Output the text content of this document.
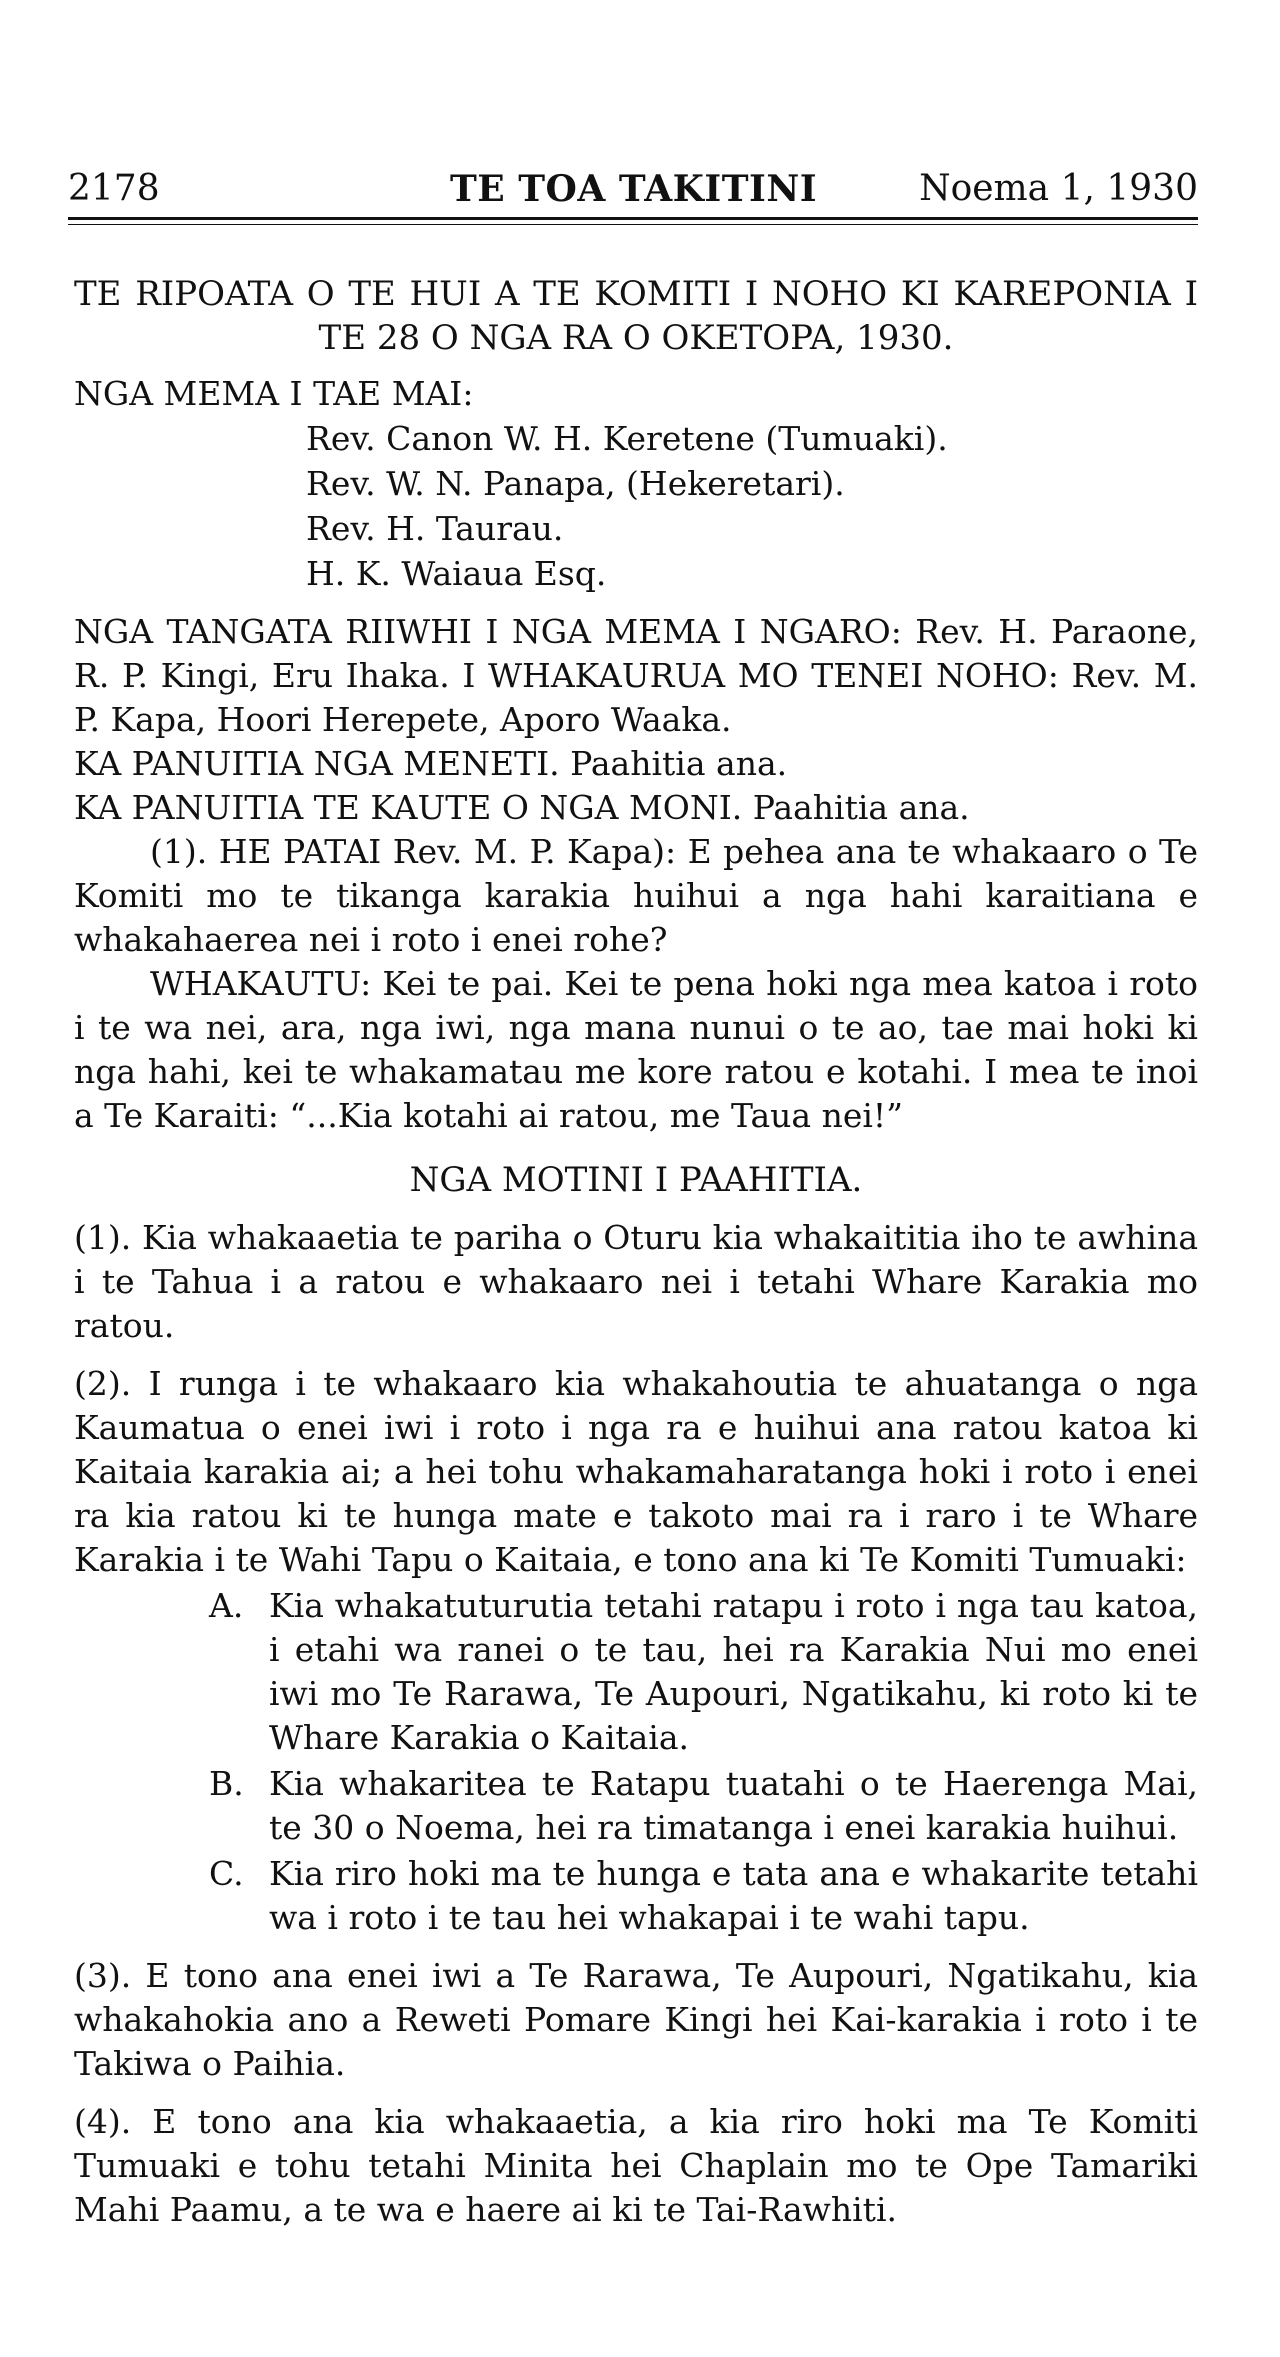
2178	TE TOA TAKITINI	Noema 1, 1930

TE RIPOATA O TE HUI A TE KOMITI I NOHO KI KAREPONIA I TE 28 O NGA RA O OKETOPA, 1930.

NGA MEMA I TAE MAI:

Rev. Canon W. H. Keretene (Tumuaki).
Rev. W. N. Panapa, (Hekeretari).
Rev. H. Taurau.
H. K. Waiaua Esq.

NGA TANGATA RIIWHI I NGA MEMA I NGARO: Rev. H. Paraone, R. P. Kingi, Eru Ihaka. I WHAKAURUA MO TENEI NOHO: Rev. M. P. Kapa, Hoori Herepete, Aporo Waaka.

KA PANUITIA NGA MENETI. Paahitia ana.

KA PANUITIA TE KAUTE O NGA MONI. Paahitia ana.

(1). HE PATAI Rev. M. P. Kapa): E pehea ana te whakaaro o Te Komiti mo te tikanga karakia huihui a nga hahi karaitiana e whakahaerea nei i roto i enei rohe?

WHAKAUTU: Kei te pai. Kei te pena hoki nga mea katoa i roto i te wa nei, ara, nga iwi, nga mana nunui o te ao, tae mai hoki ki nga hahi, kei te whakamatau me kore ratou e kotahi. I mea te inoi a Te Karaiti: “...Kia kotahi ai ratou, me Taua nei!”

NGA MOTINI I PAAHITIA.

(1). Kia whakaaetia te pariha o Oturu kia whakaititia iho te awhina i te Tahua i a ratou e whakaaro nei i tetahi Whare Karakia mo ratou.

(2). I runga i te whakaaro kia whakahoutia te ahuatanga o nga Kaumatua o enei iwi i roto i nga ra e huihui ana ratou katoa ki Kaitaia karakia ai; a hei tohu whakamaharatanga hoki i roto i enei ra kia ratou ki te hunga mate e takoto mai ra i raro i te Whare Karakia i te Wahi Tapu o Kaitaia, e tono ana ki Te Komiti Tumuaki:

A. Kia whakatuturutia tetahi ratapu i roto i nga tau katoa, i etahi wa ranei o te tau, hei ra Karakia Nui mo enei iwi mo Te Rarawa, Te Aupouri, Ngatikahu, ki roto ki te Whare Karakia o Kaitaia.

B. Kia whakaritea te Ratapu tuatahi o te Haerenga Mai, te 30 o Noema, hei ra timatanga i enei karakia huihui.

C. Kia riro hoki ma te hunga e tata ana e whakarite tetahi wa i roto i te tau hei whakapai i te wahi tapu.

(3). E tono ana enei iwi a Te Rarawa, Te Aupouri, Ngatikahu, kia whakahokia ano a Reweti Pomare Kingi hei Kai-karakia i roto i te Takiwa o Paihia.

(4). E tono ana kia whakaaetia, a kia riro hoki ma Te Komiti Tumuaki e tohu tetahi Minita hei Chaplain mo te Ope Tamariki Mahi Paamu, a te wa e haere ai ki te Tai-Rawhiti.
